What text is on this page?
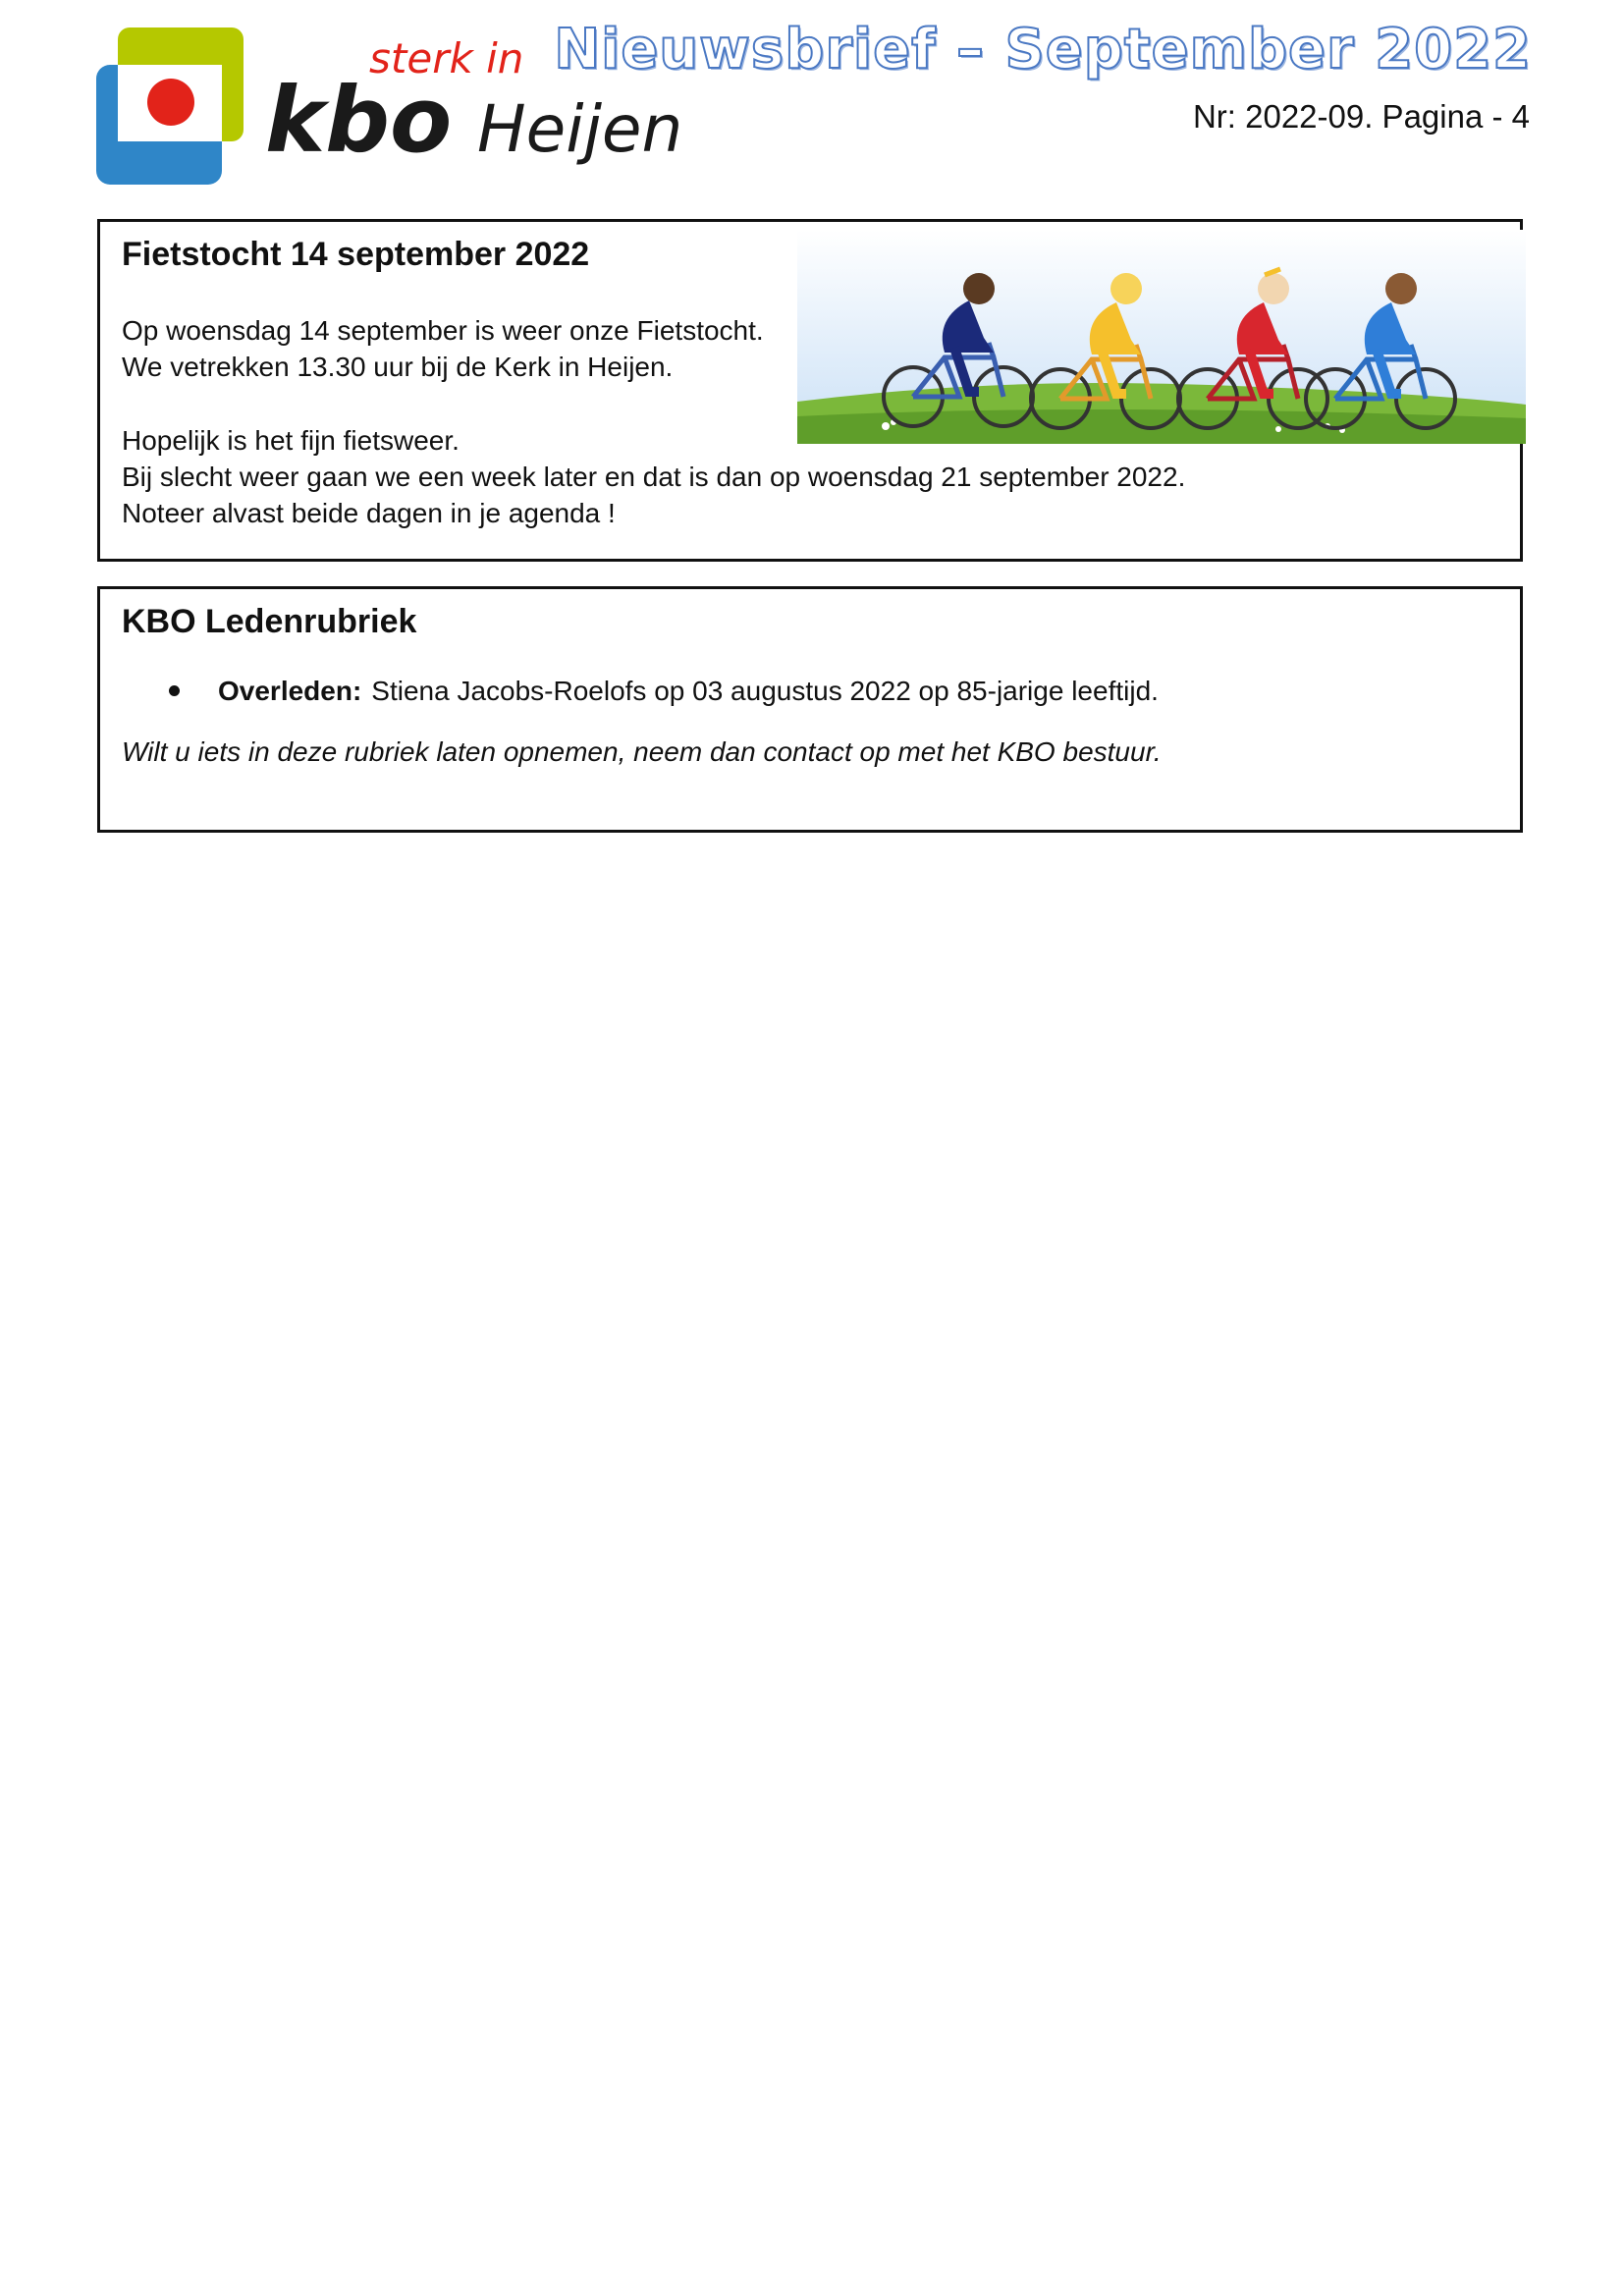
sterk in
kbo Heijen
Nieuwsbrief – September 2022
Nr: 2022-09. Pagina - 4
Fietstocht 14 september 2022
Op woensdag 14 september is weer onze Fietstocht.
We vetrekken 13.30 uur bij de Kerk in Heijen.
Hopelijk is het fijn fietsweer.
Bij slecht weer gaan we een week later en dat is dan op woensdag 21 september 2022.
Noteer alvast beide dagen in je agenda !
KBO Ledenrubriek
Overleden: Stiena Jacobs-Roelofs op 03 augustus 2022 op 85-jarige leeftijd.
Wilt u iets in deze rubriek laten opnemen, neem dan contact op met het KBO bestuur.
